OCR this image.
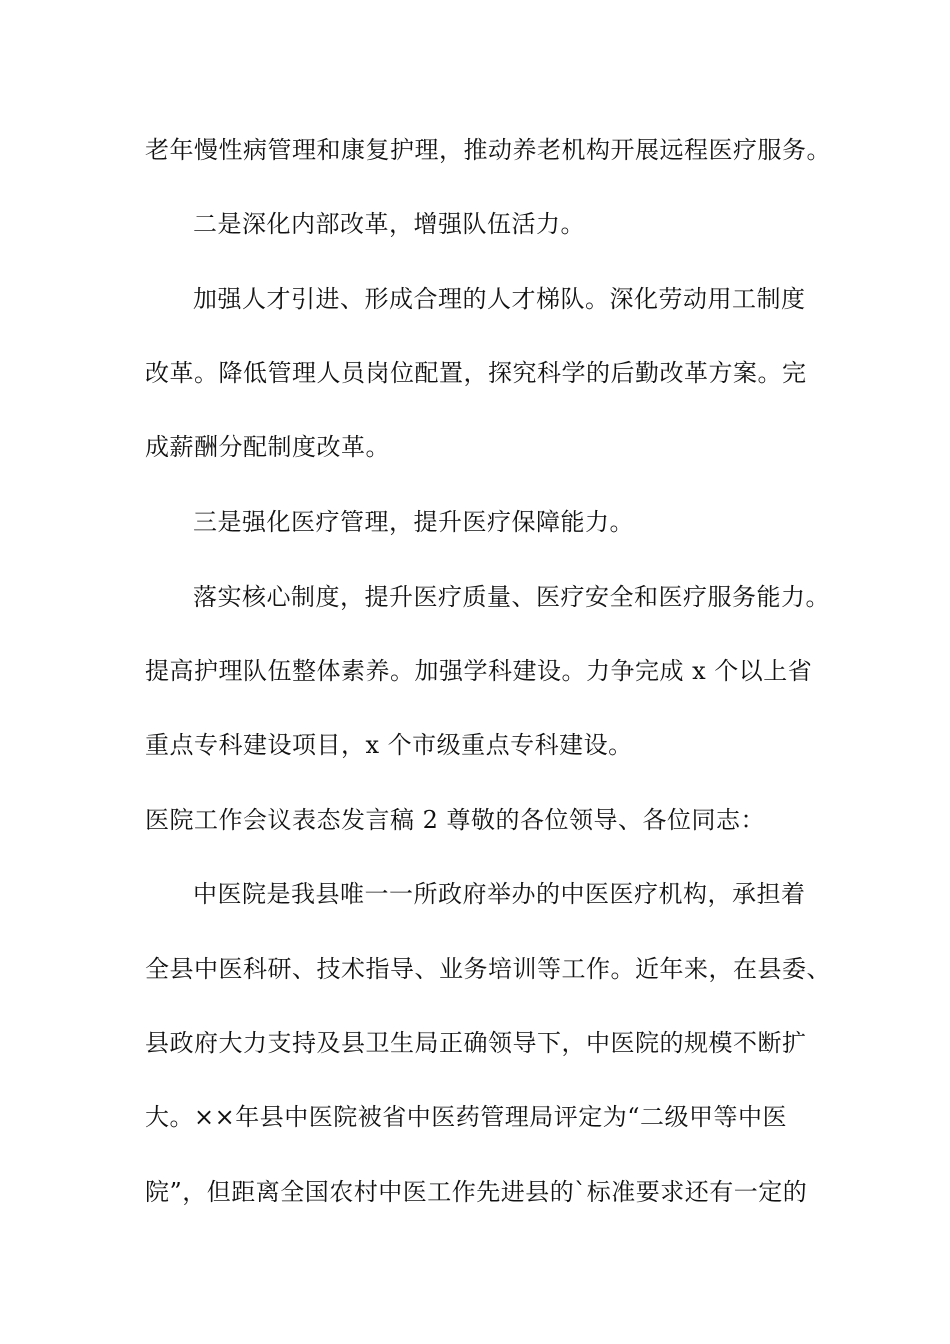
老年慢性病管理和康复护理，推动养老机构开展远程医疗服务。

二是深化内部改革，增强队伍活力。

加强人才引进、形成合理的人才梯队。深化劳动用工制度

改革。降低管理人员岗位配置，探究科学的后勤改革方案。完

成薪酬分配制度改革。

三是强化医疗管理，提升医疗保障能力。

落实核心制度，提升医疗质量、医疗安全和医疗服务能力。

提高护理队伍整体素养。加强学科建设。力争完成 x 个以上省

重点专科建设项目，x 个市级重点专科建设。

医院工作会议表态发言稿 2 尊敬的各位领导、各位同志：

中医院是我县唯一一所政府举办的中医医疗机构，承担着

全县中医科研、技术指导、业务培训等工作。近年来，在县委、

县政府大力支持及县卫生局正确领导下，中医院的规模不断扩

大。××年县中医院被省中医药管理局评定为“二级甲等中医

院”，但距离全国农村中医工作先进县的`标准要求还有一定的
